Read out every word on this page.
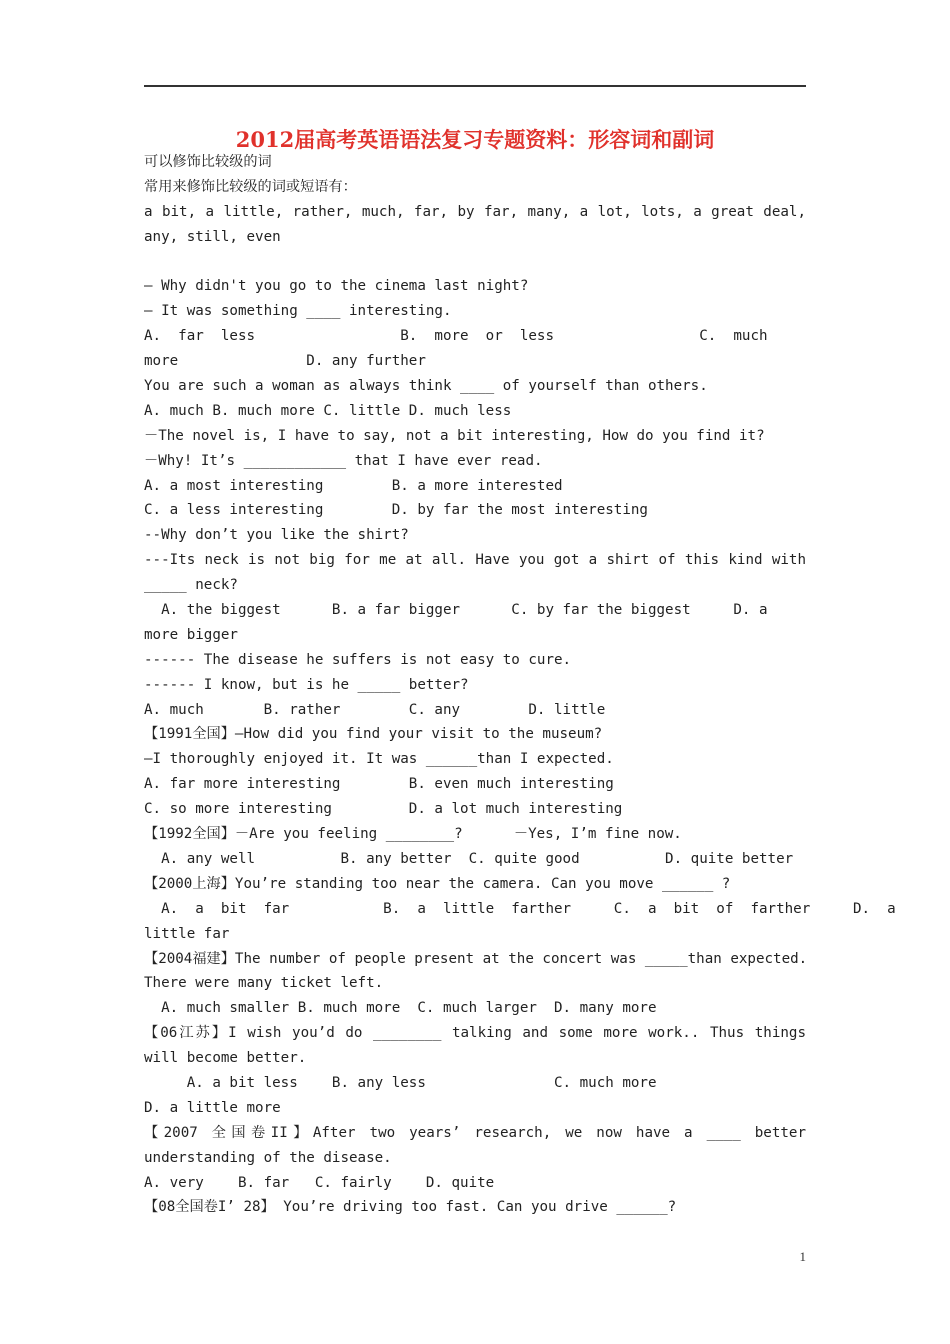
2012届高考英语语法复习专题资料：形容词和副词
可以修饰比较级的词
常用来修饰比较级的词或短语有：
a bit, a little, rather, much, far, by far, many, a lot, lots, a great deal,
any, still, even
— Why didn't you go to the cinema last night?
— It was something ____ interesting.
A.  far  less                 B.  more  or  less                 C.  much
more               D. any further
You are such a woman as always think ____ of yourself than others.
A. much B. much more C. little D. much less
－The novel is, I have to say, not a bit interesting, How do you find it?
－Why! It’s ____________ that I have ever read.
A. a most interesting        B. a more interested
C. a less interesting        D. by far the most interesting
--Why don’t you like the shirt?
---Its neck is not big for me at all. Have you got a shirt of this kind with
_____ neck?
A. the biggest      B. a far bigger      C. by far the biggest     D. a
more bigger
------ The disease he suffers is not easy to cure.
------ I know, but is he _____ better?
A. much       B. rather        C. any        D. little
【1991全国】—How did you find your visit to the museum?
—I thoroughly enjoyed it. It was ______than I expected.
A. far more interesting        B. even much interesting
C. so more interesting         D. a lot much interesting
【1992全国】－Are you feeling ________?      －Yes, I’m fine now.
A. any well          B. any better  C. quite good          D. quite better
【2000上海】You’re standing too near the camera. Can you move ______ ?
A.  a  bit  far           B.  a  little  farther     C.  a  bit  of  farther     D.  a
little far
【2004福建】The number of people present at the concert was _____than expected.
There were many ticket left.
A. much smaller B. much more  C. much larger  D. many more
【06江苏】I wish you’d do ________ talking and some more work.. Thus things
will become better.
A. a bit less    B. any less               C. much more
D. a little more
【2007 全国卷II】After two years’ research, we now have a ____ better
understanding of the disease.
A. very    B. far   C. fairly    D. quite
【08全国卷I’ 28】 You’re driving too fast. Can you drive ______?
1
